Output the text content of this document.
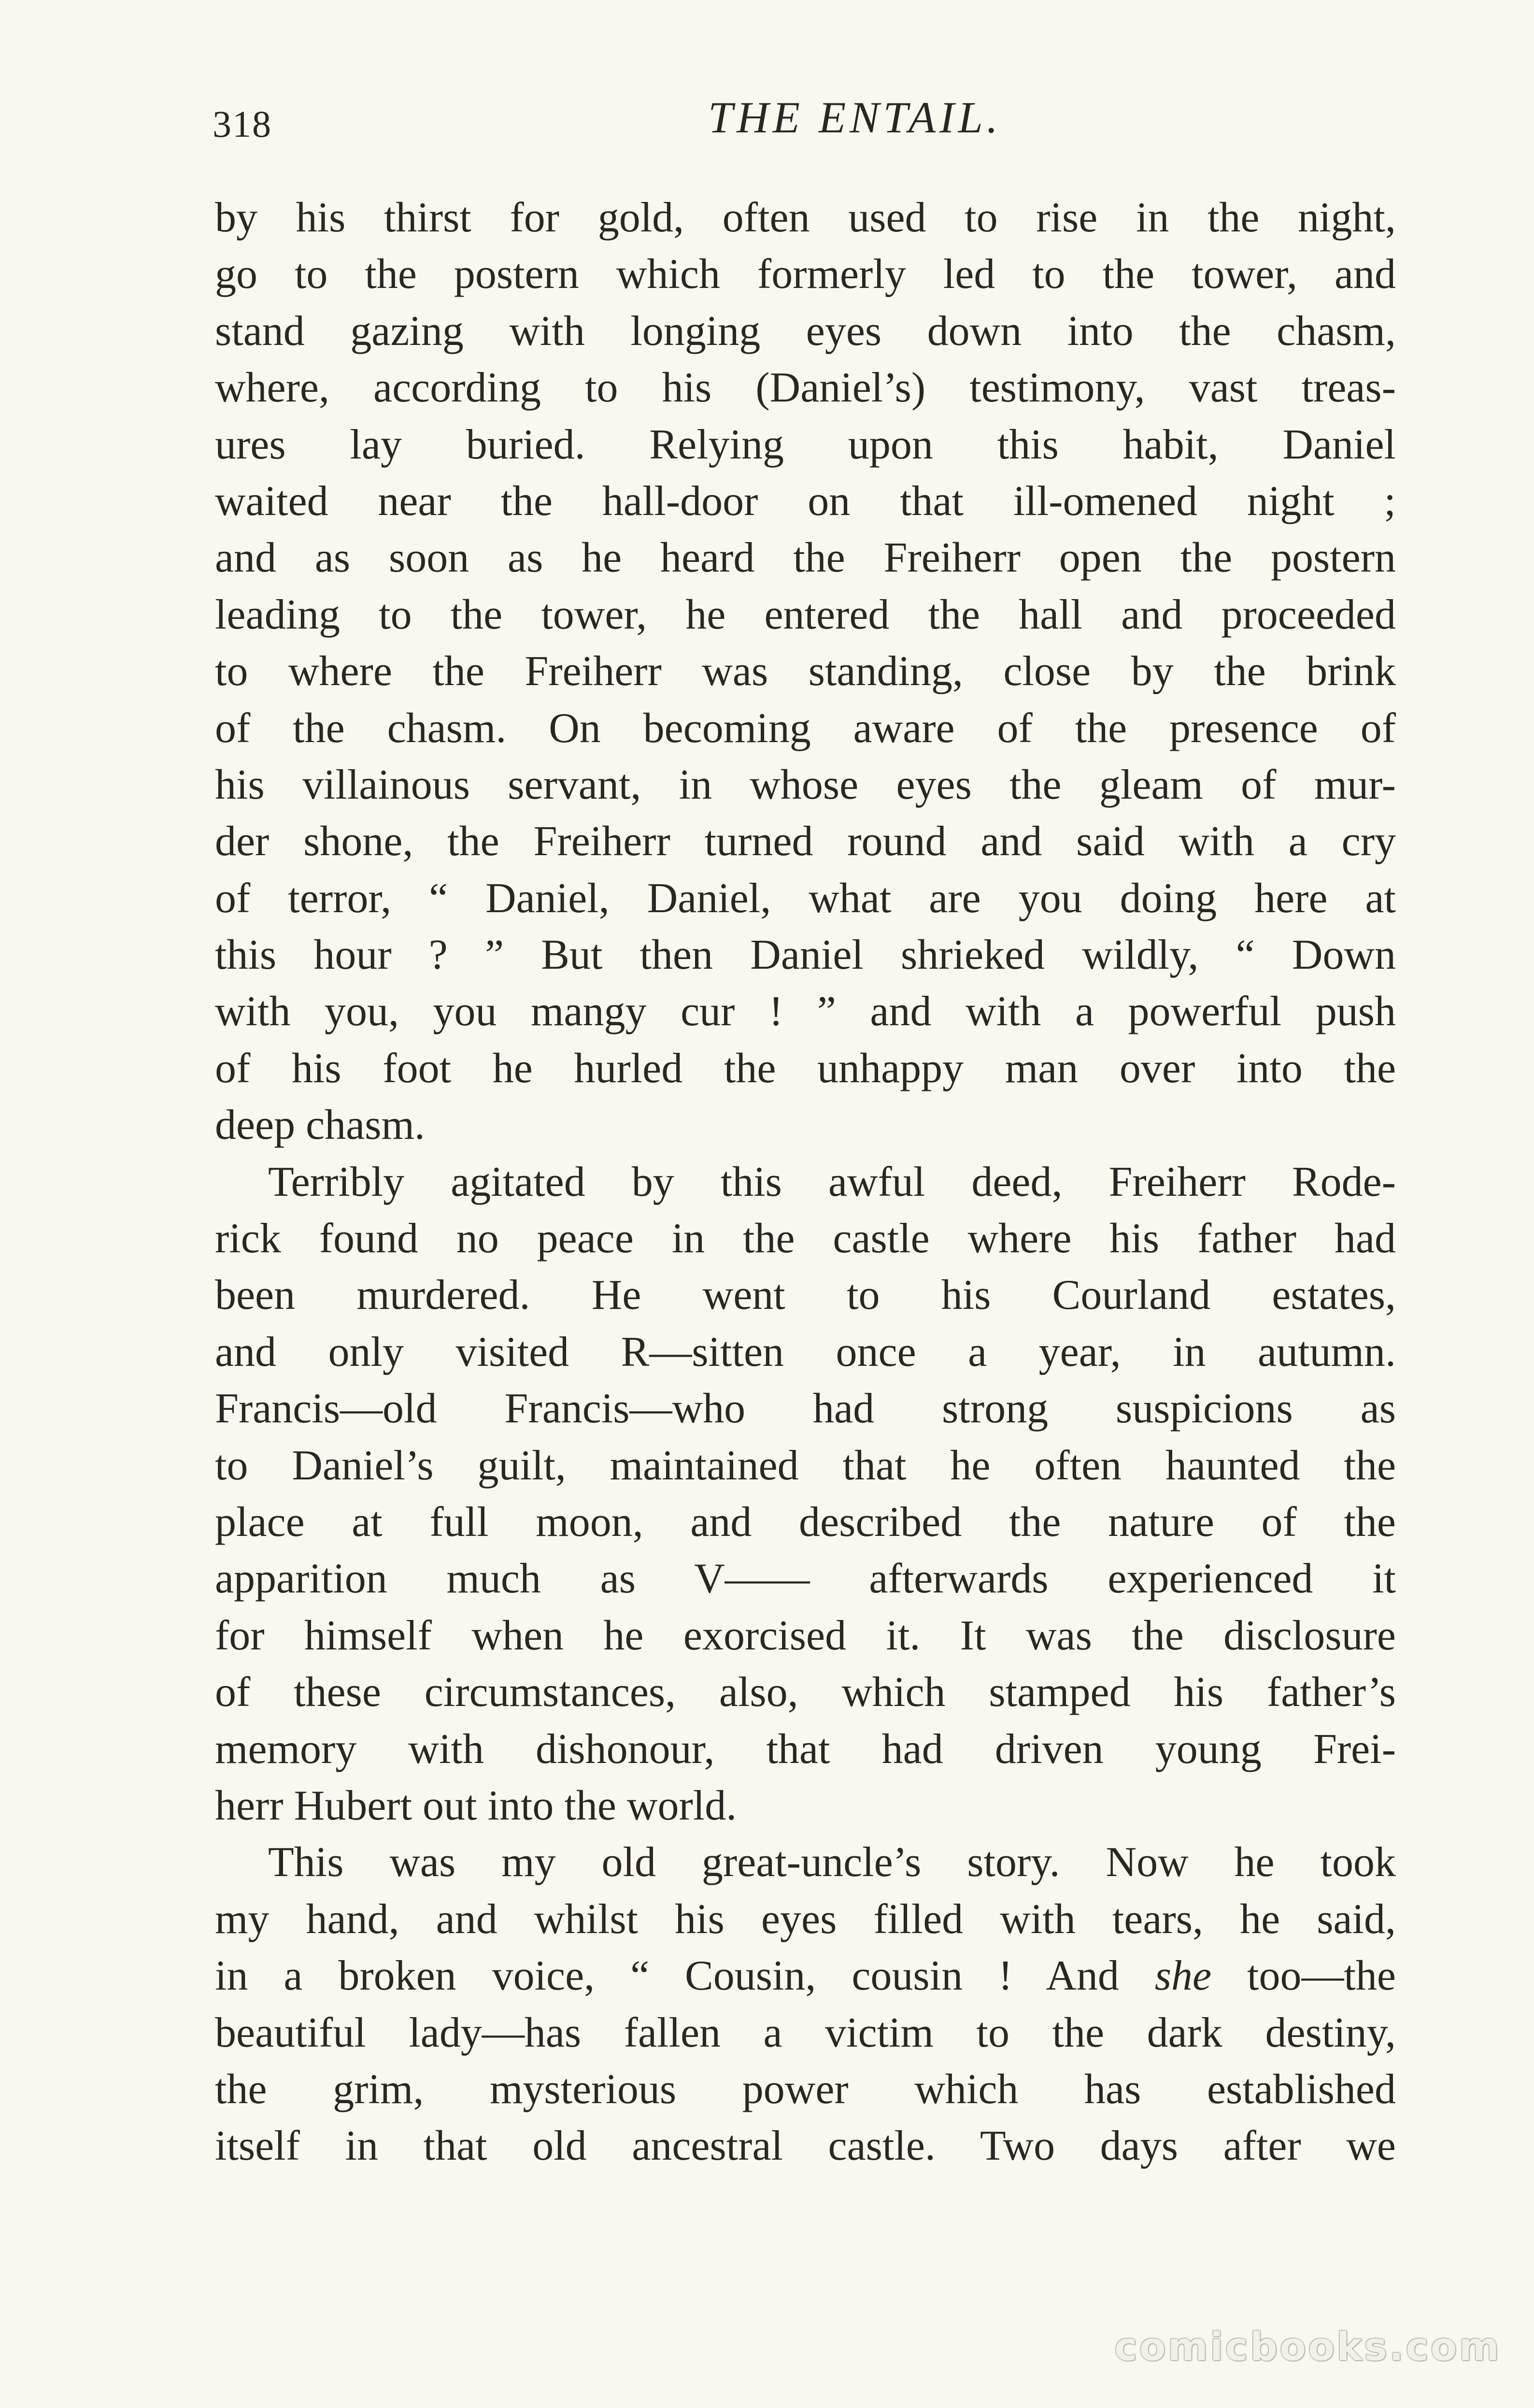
318	THE ENTAIL.
by his thirst for gold, often used to rise in the night,
go to the postern which formerly led to the tower, and
stand gazing with longing eyes down into the chasm,
where, according to his (Daniel’s) testimony, vast treas-
ures lay buried. Relying upon this habit, Daniel
waited near the hall-door on that ill-omened night ;
and as soon as he heard the Freiherr open the postern
leading to the tower, he entered the hall and proceeded
to where the Freiherr was standing, close by the brink
of the chasm. On becoming aware of the presence of
his villainous servant, in whose eyes the gleam of mur-
der shone, the Freiherr turned round and said with a cry
of terror, “ Daniel, Daniel, what are you doing here at
this hour ? ” But then Daniel shrieked wildly, “ Down
with you, you mangy cur ! ” and with a powerful push
of his foot he hurled the unhappy man over into the
deep chasm.
Terribly agitated by this awful deed, Freiherr Rode-
rick found no peace in the castle where his father had
been murdered. He went to his Courland estates,
and only visited R—sitten once a year, in autumn.
Francis—old Francis—who had strong suspicions as
to Daniel’s guilt, maintained that he often haunted the
place at full moon, and described the nature of the
apparition much as V—— afterwards experienced it
for himself when he exorcised it. It was the disclosure
of these circumstances, also, which stamped his father’s
memory with dishonour, that had driven young Frei-
herr Hubert out into the world.
This was my old great-uncle’s story. Now he took
my hand, and whilst his eyes filled with tears, he said,
in a broken voice, “ Cousin, cousin ! And she too—the
beautiful lady—has fallen a victim to the dark destiny,
the grim, mysterious power which has established
itself in that old ancestral castle. Two days after we
comicbooks.com
